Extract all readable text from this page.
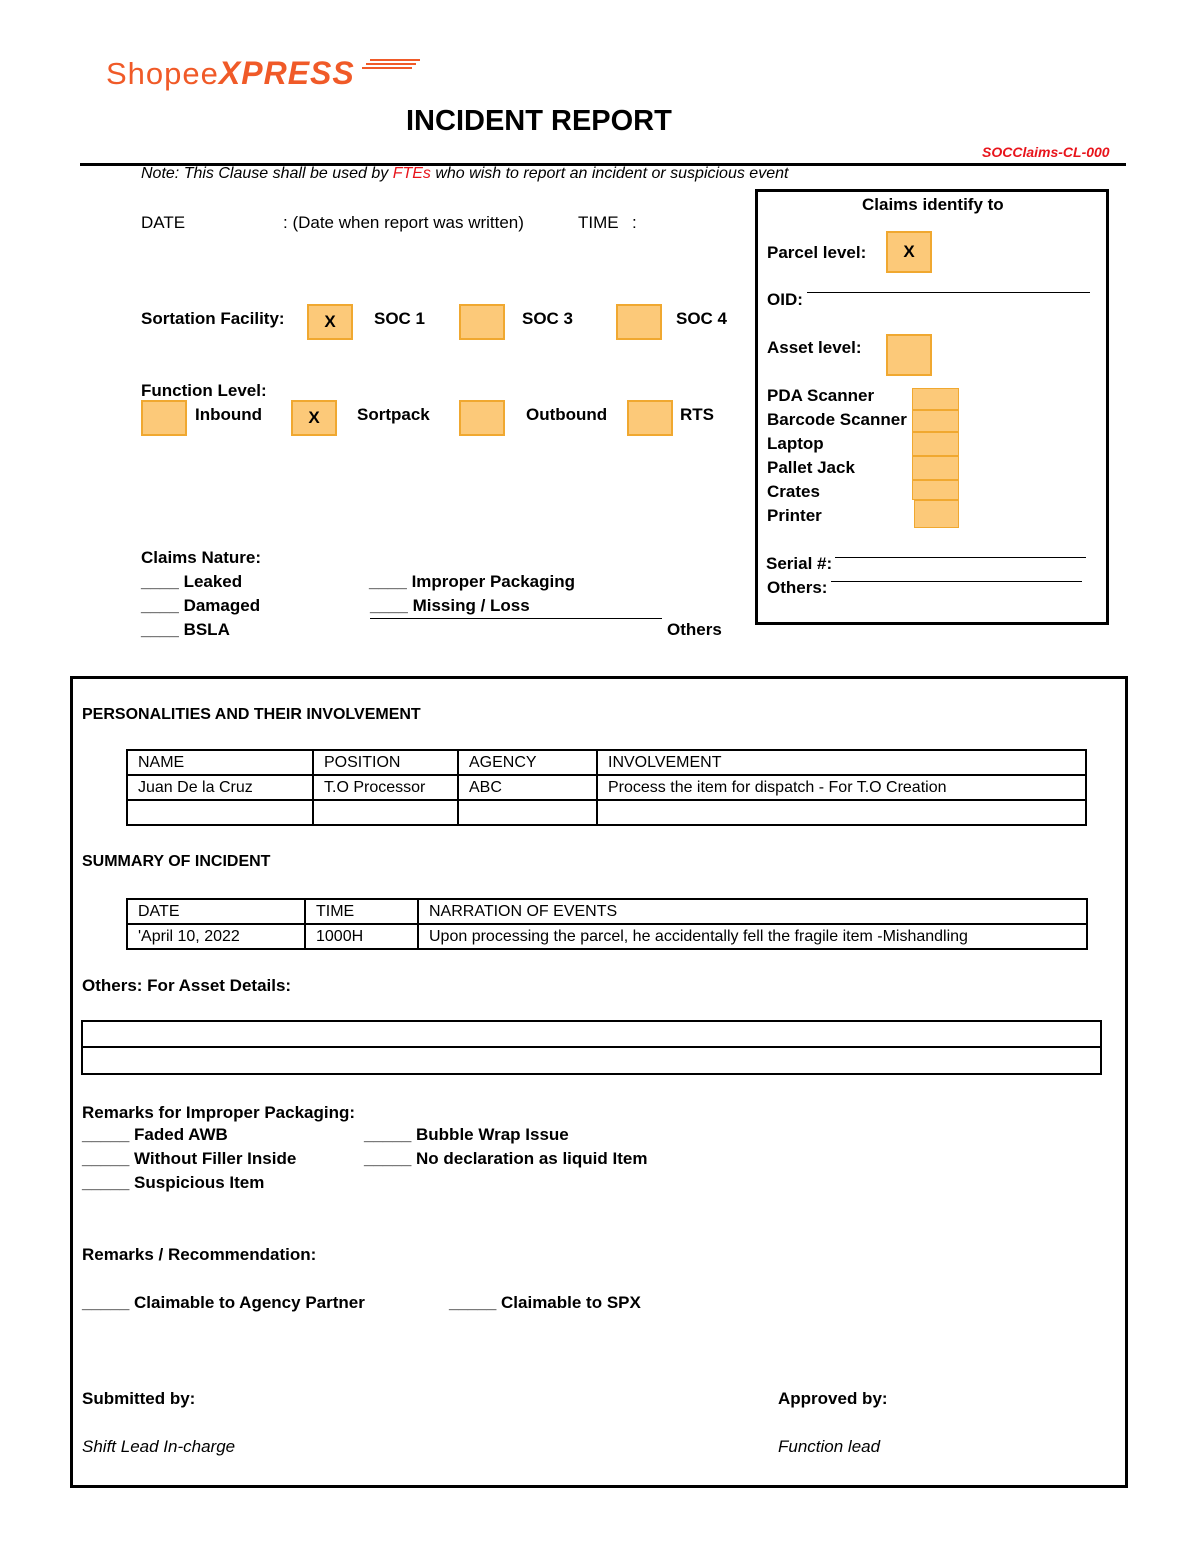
ShopeeXPRESS
INCIDENT REPORT
SOCClaims-CL-000
Note: This Clause shall be used by FTEs who wish to report an incident or suspicious event
DATE	: (Date when report was written)	TIME :
Sortation Facility:	X	SOC 1	SOC 3	SOC 4
Function Level:
Inbound	X	Sortpack	Outbound	RTS
Claims Nature:
____ Leaked
____ Damaged
____ BSLA
____ Improper Packaging
____ Missing / Loss
Others
Claims identify to
Parcel level:	X
OID:
Asset level:
PDA Scanner
Barcode Scanner
Laptop
Pallet Jack
Crates
Printer
Serial #:
Others:
PERSONALITIES AND THEIR INVOLVEMENT
NAME	POSITION	AGENCY	INVOLVEMENT
Juan De la Cruz	T.O Processor	ABC	Process the item for dispatch - For T.O Creation

SUMMARY OF INCIDENT
DATE	TIME	NARRATION OF EVENTS
'April 10, 2022	1000H	Upon processing the parcel, he accidentally fell the fragile item -Mishandling
Others: For Asset Details:
Remarks for Improper Packaging:
_____ Faded AWB
_____ Without Filler Inside
_____ Suspicious Item
_____ Bubble Wrap Issue
_____ No declaration as liquid Item
Remarks / Recommendation:
_____ Claimable to Agency Partner	_____ Claimable to SPX
Submitted by:
Shift Lead In-charge
Approved by:
Function lead
